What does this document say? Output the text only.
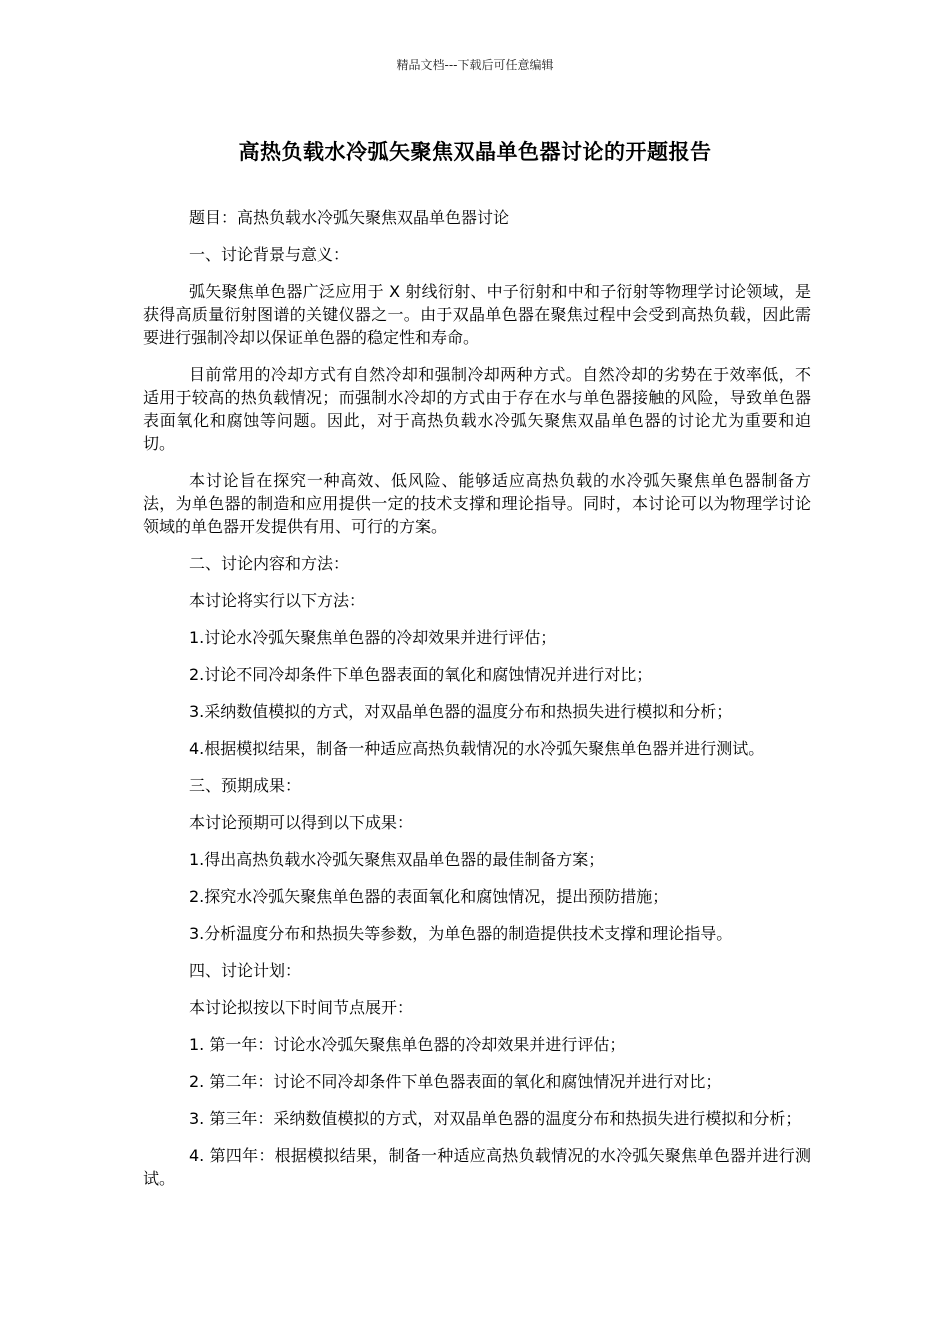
精品文档---下载后可任意编辑
高热负载水冷弧矢聚焦双晶单色器讨论的开题报告

题目：高热负载水冷弧矢聚焦双晶单色器讨论

一、讨论背景与意义：

弧矢聚焦单色器广泛应用于 X 射线衍射、中子衍射和中和子衍射等物理学讨论领域，是获得高质量衍射图谱的关键仪器之一。由于双晶单色器在聚焦过程中会受到高热负载，因此需要进行强制冷却以保证单色器的稳定性和寿命。

目前常用的冷却方式有自然冷却和强制冷却两种方式。自然冷却的劣势在于效率低，不适用于较高的热负载情况；而强制水冷却的方式由于存在水与单色器接触的风险，导致单色器表面氧化和腐蚀等问题。因此，对于高热负载水冷弧矢聚焦双晶单色器的讨论尤为重要和迫切。

本讨论旨在探究一种高效、低风险、能够适应高热负载的水冷弧矢聚焦单色器制备方法，为单色器的制造和应用提供一定的技术支撑和理论指导。同时，本讨论可以为物理学讨论领域的单色器开发提供有用、可行的方案。

二、讨论内容和方法：

本讨论将实行以下方法：

1.讨论水冷弧矢聚焦单色器的冷却效果并进行评估；

2.讨论不同冷却条件下单色器表面的氧化和腐蚀情况并进行对比；

3.采纳数值模拟的方式，对双晶单色器的温度分布和热损失进行模拟和分析；

4.根据模拟结果，制备一种适应高热负载情况的水冷弧矢聚焦单色器并进行测试。

三、预期成果：

本讨论预期可以得到以下成果：

1.得出高热负载水冷弧矢聚焦双晶单色器的最佳制备方案；

2.探究水冷弧矢聚焦单色器的表面氧化和腐蚀情况，提出预防措施；

3.分析温度分布和热损失等参数，为单色器的制造提供技术支撑和理论指导。

四、讨论计划：

本讨论拟按以下时间节点展开：

1. 第一年：讨论水冷弧矢聚焦单色器的冷却效果并进行评估；

2. 第二年：讨论不同冷却条件下单色器表面的氧化和腐蚀情况并进行对比；

3. 第三年：采纳数值模拟的方式，对双晶单色器的温度分布和热损失进行模拟和分析；

4. 第四年：根据模拟结果，制备一种适应高热负载情况的水冷弧矢聚焦单色器并进行测试。
